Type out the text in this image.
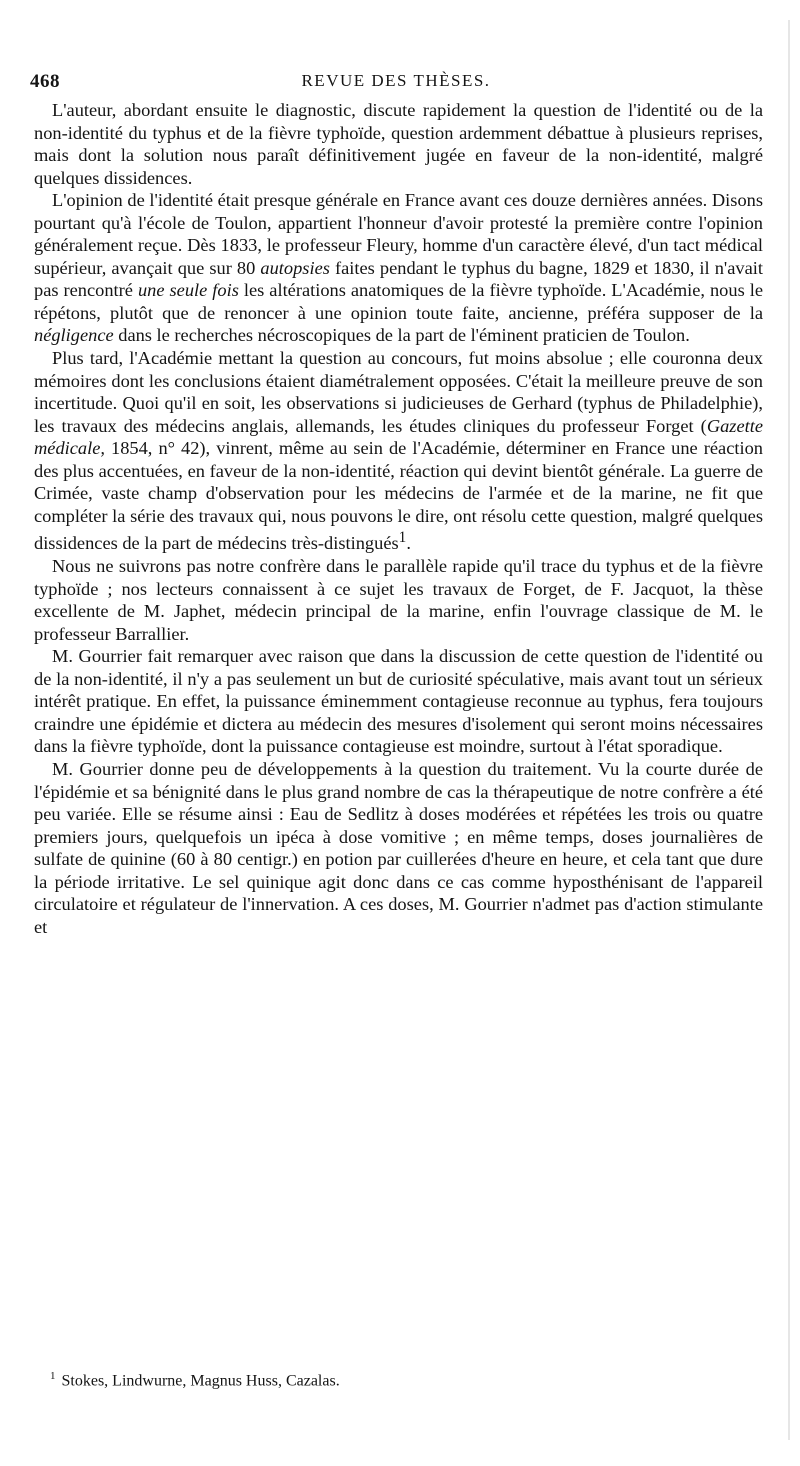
468	REVUE DES THÈSES.

L'auteur, abordant ensuite le diagnostic, discute rapidement la question de l'identité ou de la non-identité du typhus et de la fièvre typhoïde, question ardemment débattue à plusieurs reprises, mais dont la solution nous paraît définitivement jugée en faveur de la non-identité, malgré quelques dissidences.

L'opinion de l'identité était presque générale en France avant ces douze dernières années. Disons pourtant qu'à l'école de Toulon, appartient l'honneur d'avoir protesté la première contre l'opinion généralement reçue. Dès 1833, le professeur Fleury, homme d'un caractère élevé, d'un tact médical supérieur, avançait que sur 80 autopsies faites pendant le typhus du bagne, 1829 et 1830, il n'avait pas rencontré une seule fois les altérations anatomiques de la fièvre typhoïde. L'Académie, nous le répétons, plutôt que de renoncer à une opinion toute faite, ancienne, préféra supposer de la négligence dans le recherches nécroscopiques de la part de l'éminent praticien de Toulon.

Plus tard, l'Académie mettant la question au concours, fut moins absolue ; elle couronna deux mémoires dont les conclusions étaient diamétralement opposées. C'était la meilleure preuve de son incertitude. Quoi qu'il en soit, les observations si judicieuses de Gerhard (typhus de Philadelphie), les travaux des médecins anglais, allemands, les études cliniques du professeur Forget (Gazette médicale, 1854, n° 42), vinrent, même au sein de l'Académie, déterminer en France une réaction des plus accentuées, en faveur de la non-identité, réaction qui devint bientôt générale. La guerre de Crimée, vaste champ d'observation pour les médecins de l'armée et de la marine, ne fit que compléter la série des travaux qui, nous pouvons le dire, ont résolu cette question, malgré quelques dissidences de la part de médecins très-distingués$^1$.

Nous ne suivrons pas notre confrère dans le parallèle rapide qu'il trace du typhus et de la fièvre typhoïde ; nos lecteurs connaissent à ce sujet les travaux de Forget, de F. Jacquot, la thèse excellente de M. Japhet, médecin principal de la marine, enfin l'ouvrage classique de M. le professeur Barrallier.

M. Gourrier fait remarquer avec raison que dans la discussion de cette question de l'identité ou de la non-identité, il n'y a pas seulement un but de curiosité spéculative, mais avant tout un sérieux intérêt pratique. En effet, la puissance éminemment contagieuse reconnue au typhus, fera toujours craindre une épidémie et dictera au médecin des mesures d'isolement qui seront moins nécessaires dans la fièvre typhoïde, dont la puissance contagieuse est moindre, surtout à l'état sporadique.

M. Gourrier donne peu de développements à la question du traitement. Vu la courte durée de l'épidémie et sa bénignité dans le plus grand nombre de cas la thérapeutique de notre confrère a été peu variée. Elle se résume ainsi : Eau de Sedlitz à doses modérées et répétées les trois ou quatre premiers jours, quelquefois un ipéca à dose vomitive ; en même temps, doses journalières de sulfate de quinine (60 à 80 centigr.) en potion par cuillerées d'heure en heure, et cela tant que dure la période irritative. Le sel quinique agit donc dans ce cas comme hyposthénisant de l'appareil circulatoire et régulateur de l'innervation. A ces doses, M. Gourrier n'admet pas d'action stimulante et

$^1$ Stokes, Lindwurne, Magnus Huss, Cazalas.
